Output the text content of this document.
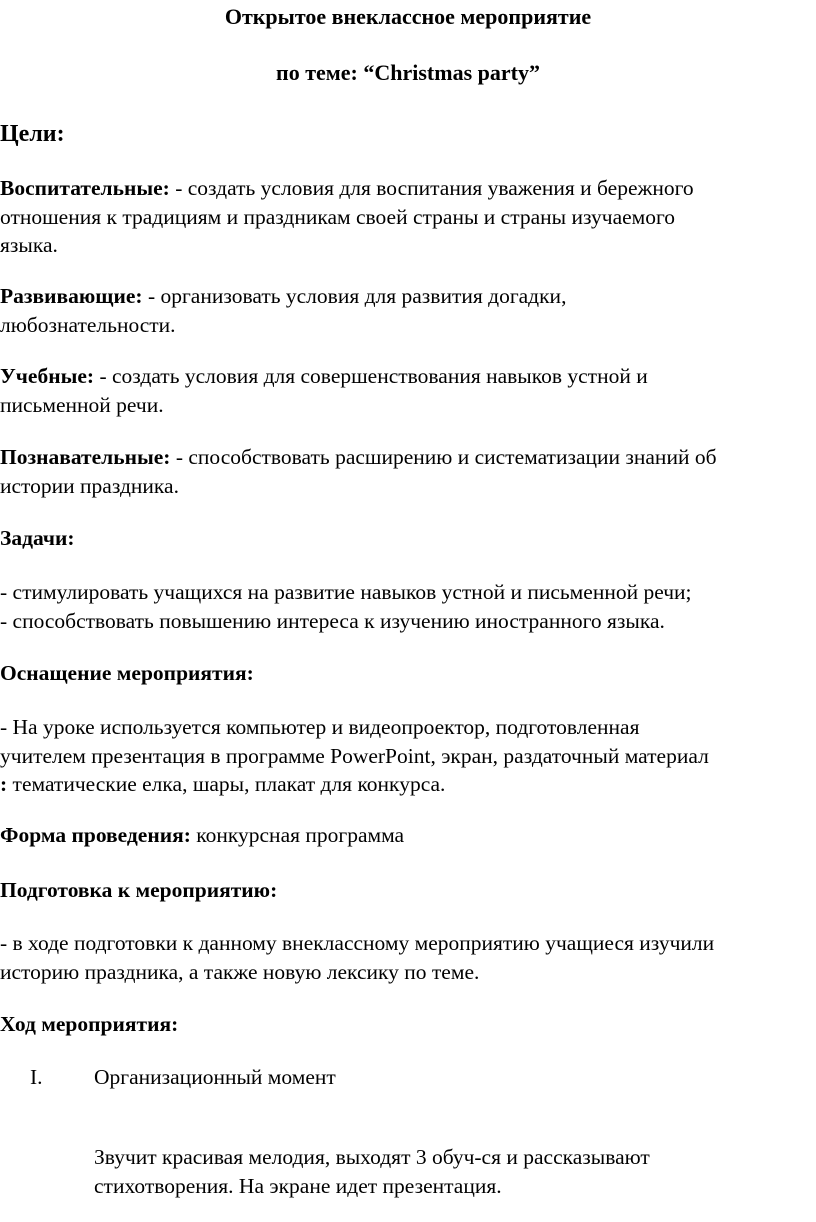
Открытое внеклассное мероприятие
по теме: “Christmas party”
Цели:

Воспитательные: - создать условия для воспитания уважения и бережного
отношения к традициям и праздникам своей страны и страны изучаемого
языка.

Развивающие: - организовать условия для развития догадки,
любознательности.

Учебные: - создать условия для совершенствования навыков устной и
письменной речи.

Познавательные: - способствовать расширению и систематизации знаний об
истории праздника.

Задачи:

- стимулировать учащихся на развитие навыков устной и письменной речи;
- способствовать повышению интереса к изучению иностранного языка.

Оснащение мероприятия:

- На уроке используется компьютер и видеопроектор, подготовленная
учителем презентация в программе PowerPoint, экран, раздаточный материал
: тематические елка, шары, плакат для конкурса.

Форма проведения: конкурсная программа

Подготовка к мероприятию:

- в ходе подготовки к данному внеклассному мероприятию учащиеся изучили
историю праздника, а также новую лексику по теме.

Ход мероприятия:
I. Организационный момент

Звучит красивая мелодия, выходят 3 обуч-ся и рассказывают
стихотворения. На экране идет презентация.
